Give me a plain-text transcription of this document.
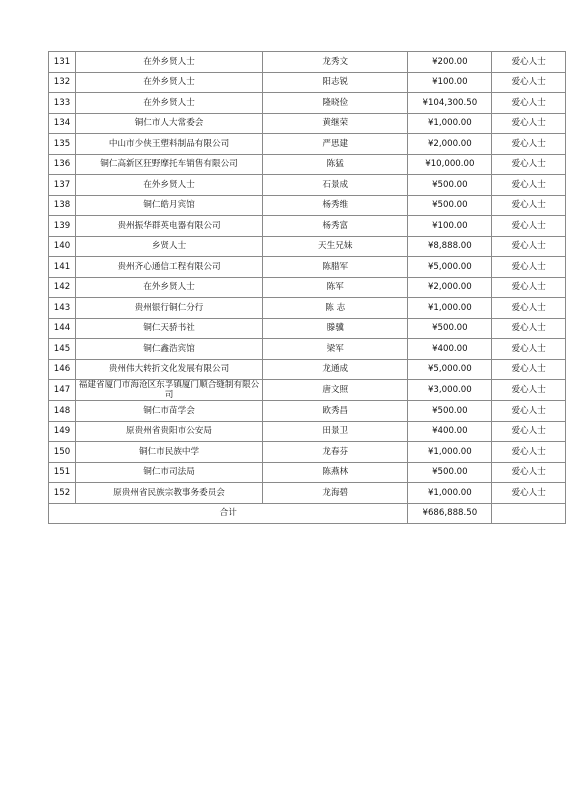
131	在外乡贤人士	龙秀文	¥200.00	爱心人士
132	在外乡贤人士	阳志锐	¥100.00	爱心人士
133	在外乡贤人士	隆晓俭	¥104,300.50	爱心人士
134	铜仁市人大常委会	黄继荣	¥1,000.00	爱心人士
135	中山市少侠王塑料制品有限公司	严思建	¥2,000.00	爱心人士
136	铜仁高新区狂野摩托车销售有限公司	陈猛	¥10,000.00	爱心人士
137	在外乡贤人士	石景成	¥500.00	爱心人士
138	铜仁皓月宾馆	杨秀维	¥500.00	爱心人士
139	贵州振华群英电器有限公司	杨秀富	¥100.00	爱心人士
140	乡贤人士	天生兄妹	¥8,888.00	爱心人士
141	贵州齐心通信工程有限公司	陈腊军	¥5,000.00	爱心人士
142	在外乡贤人士	陈军	¥2,000.00	爱心人士
143	贵州银行铜仁分行	陈 志	¥1,000.00	爱心人士
144	铜仁天骄书社	滕骥	¥500.00	爱心人士
145	铜仁鑫浩宾馆	梁军	¥400.00	爱心人士
146	贵州伟大转折文化发展有限公司	龙通成	¥5,000.00	爱心人士
147	福建省厦门市海沧区东孚镇厦门顺合缝制有限公司	唐文照	¥3,000.00	爱心人士
148	铜仁市苗学会	欧秀昌	¥500.00	爱心人士
149	原贵州省贵阳市公安局	田景卫	¥400.00	爱心人士
150	铜仁市民族中学	龙春芬	¥1,000.00	爱心人士
151	铜仁市司法局	陈燕林	¥500.00	爱心人士
152	原贵州省民族宗教事务委员会	龙海碧	¥1,000.00	爱心人士
合计			¥686,888.50	
